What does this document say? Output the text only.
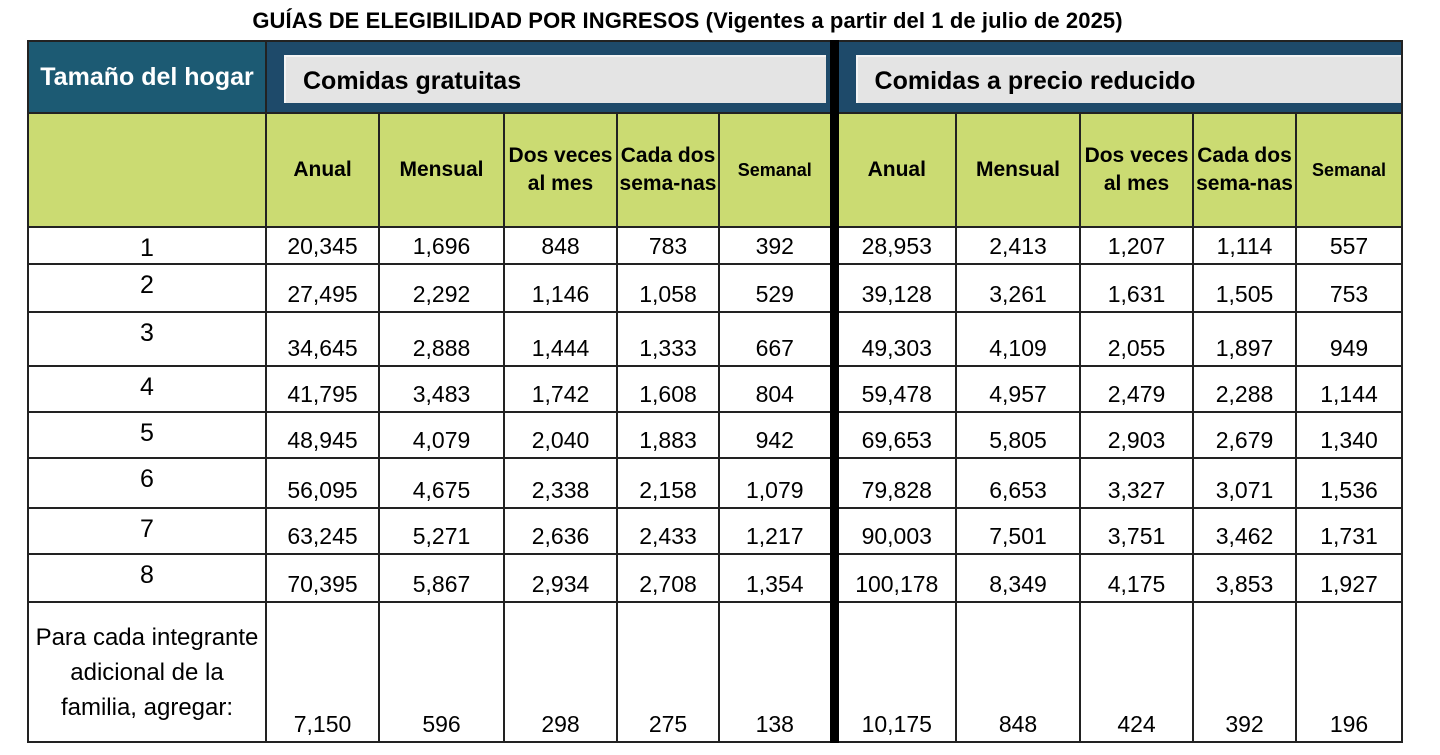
GUÍAS DE ELEGIBILIDAD POR INGRESOS (Vigentes a partir del 1 de julio de 2025)
Tamaño del hogar	Comidas gratuitas					Comidas a precio reducido				

	Anual	Mensual	Dos veces al mes	Cada dos sema-nas	Semanal	Anual	Mensual	Dos veces al mes	Cada dos sema-nas	Semanal
1	20,345	1,696	848	783	392	28,953	2,413	1,207	1,114	557
2	27,495	2,292	1,146	1,058	529	39,128	3,261	1,631	1,505	753
3	34,645	2,888	1,444	1,333	667	49,303	4,109	2,055	1,897	949
4	41,795	3,483	1,742	1,608	804	59,478	4,957	2,479	2,288	1,144
5	48,945	4,079	2,040	1,883	942	69,653	5,805	2,903	2,679	1,340
6	56,095	4,675	2,338	2,158	1,079	79,828	6,653	3,327	3,071	1,536
7	63,245	5,271	2,636	2,433	1,217	90,003	7,501	3,751	3,462	1,731
8	70,395	5,867	2,934	2,708	1,354	100,178	8,349	4,175	3,853	1,927
Para cada integrante adicional de la familia, agregar:	7,150	596	298	275	138	10,175	848	424	392	196
